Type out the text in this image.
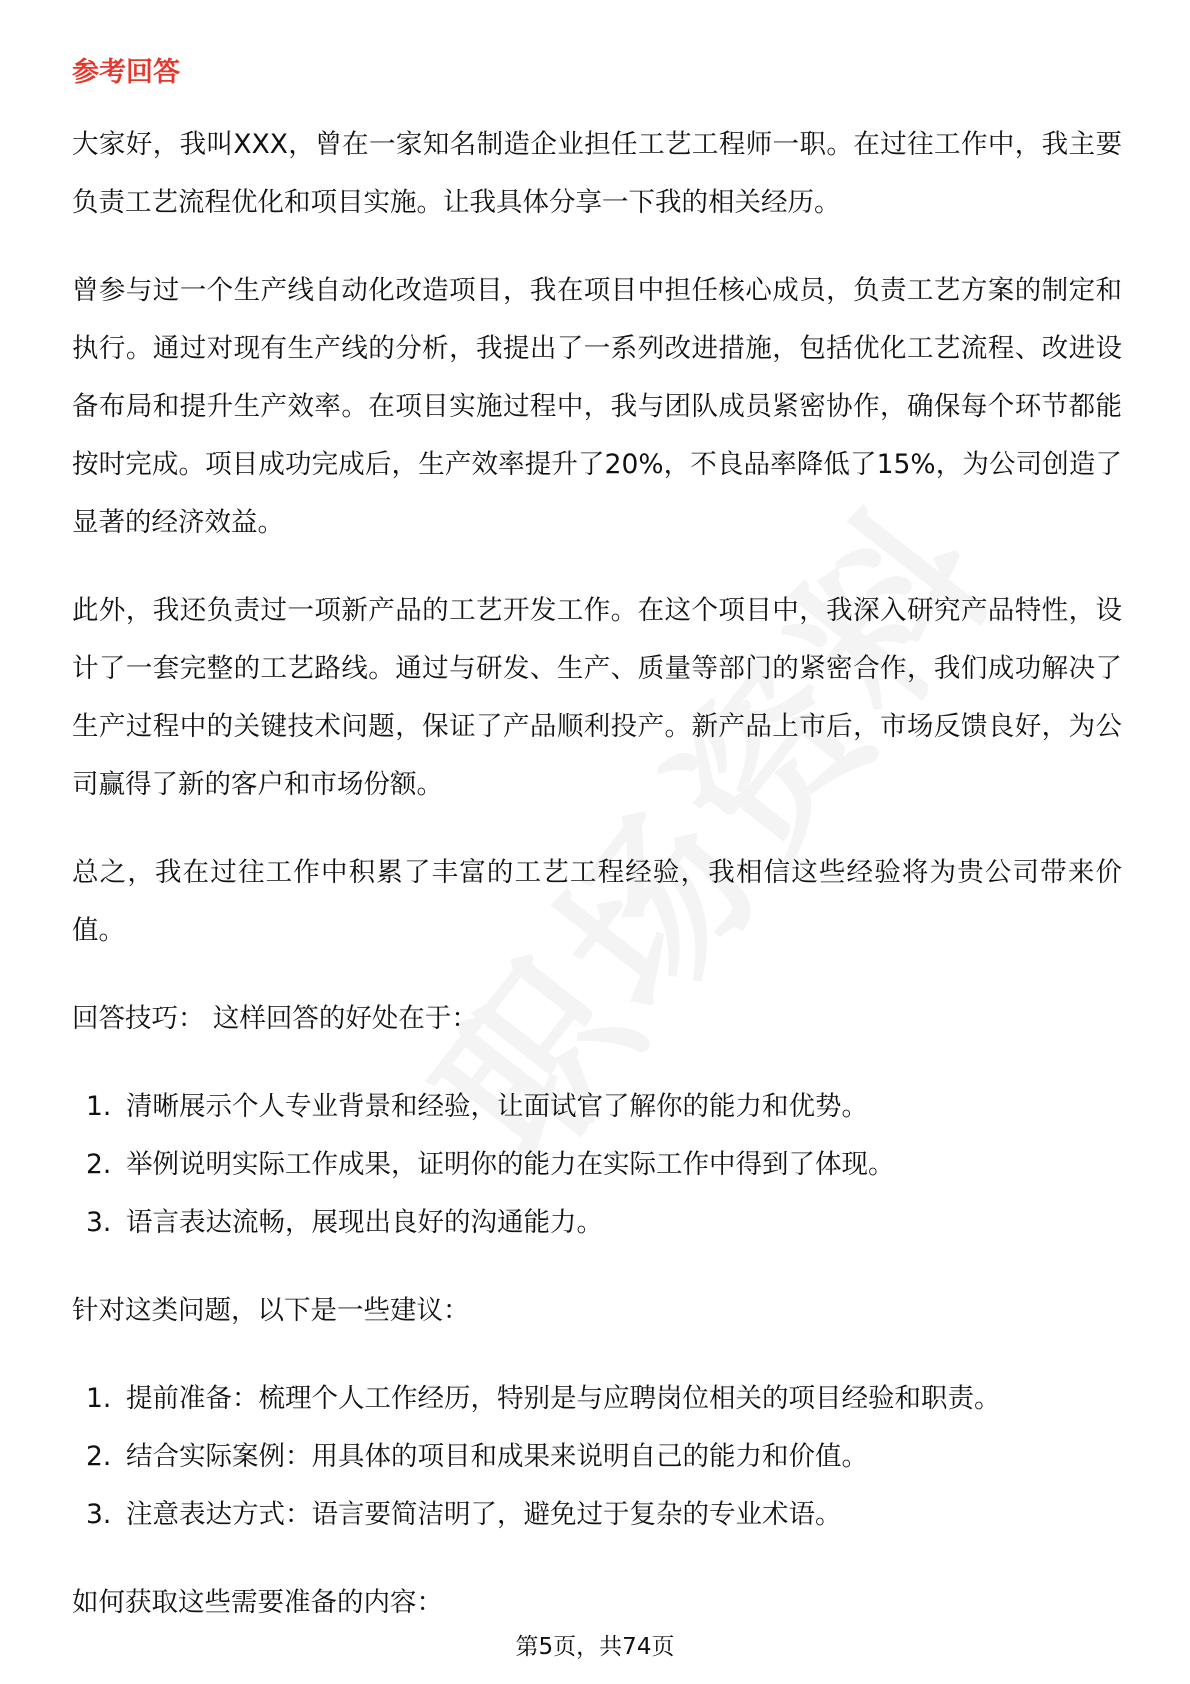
参考回答
大家好，我叫XXX，曾在一家知名制造企业担任工艺工程师一职。在过往工作中，我主要负责工艺流程优化和项目实施。让我具体分享一下我的相关经历。
曾参与过一个生产线自动化改造项目，我在项目中担任核心成员，负责工艺方案的制定和执行。通过对现有生产线的分析，我提出了一系列改进措施，包括优化工艺流程、改进设备布局和提升生产效率。在项目实施过程中，我与团队成员紧密协作，确保每个环节都能按时完成。项目成功完成后，生产效率提升了20%，不良品率降低了15%，为公司创造了显著的经济效益。
此外，我还负责过一项新产品的工艺开发工作。在这个项目中，我深入研究产品特性，设计了一套完整的工艺路线。通过与研发、生产、质量等部门的紧密合作，我们成功解决了生产过程中的关键技术问题，保证了产品顺利投产。新产品上市后，市场反馈良好，为公司赢得了新的客户和市场份额。
总之，我在过往工作中积累了丰富的工艺工程经验，我相信这些经验将为贵公司带来价值。
回答技巧： 这样回答的好处在于：
1. 清晰展示个人专业背景和经验，让面试官了解你的能力和优势。
2. 举例说明实际工作成果，证明你的能力在实际工作中得到了体现。
3. 语言表达流畅，展现出良好的沟通能力。
针对这类问题，以下是一些建议：
1. 提前准备：梳理个人工作经历，特别是与应聘岗位相关的项目经验和职责。
2. 结合实际案例：用具体的项目和成果来说明自己的能力和价值。
3. 注意表达方式：语言要简洁明了，避免过于复杂的专业术语。
如何获取这些需要准备的内容：
第5页，共74页
